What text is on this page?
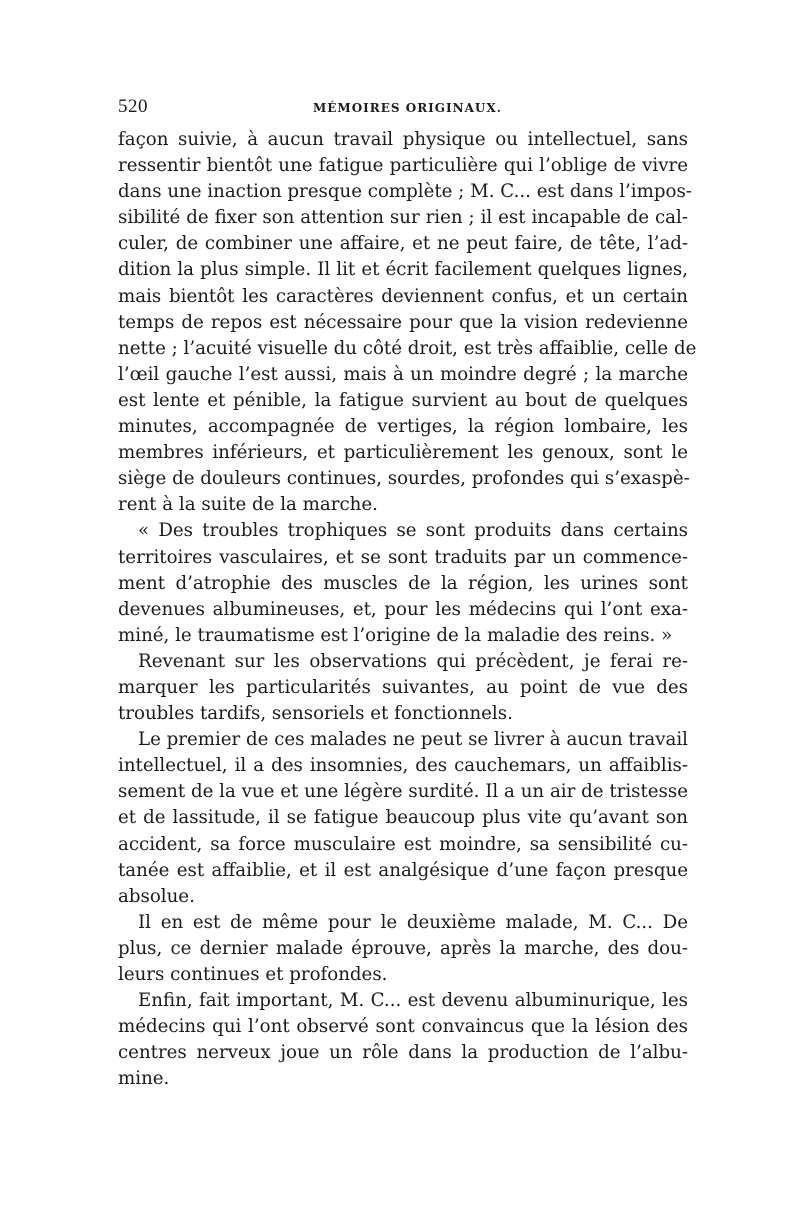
520	MÉMOIRES ORIGINAUX.
façon suivie, à aucun travail physique ou intellectuel, sans
ressentir bientôt une fatigue particulière qui l’oblige de vivre
dans une inaction presque complète ; M. C... est dans l’impos-
sibilité de fixer son attention sur rien ; il est incapable de cal-
culer, de combiner une affaire, et ne peut faire, de tête, l’ad-
dition la plus simple. Il lit et écrit facilement quelques lignes,
mais bientôt les caractères deviennent confus, et un certain
temps de repos est nécessaire pour que la vision redevienne
nette ; l’acuité visuelle du côté droit, est très affaiblie, celle de
l’œil gauche l’est aussi, mais à un moindre degré ; la marche
est lente et pénible, la fatigue survient au bout de quelques
minutes, accompagnée de vertiges, la région lombaire, les
membres inférieurs, et particulièrement les genoux, sont le
siège de douleurs continues, sourdes, profondes qui s’exaspè-
rent à la suite de la marche.
« Des troubles trophiques se sont produits dans certains
territoires vasculaires, et se sont traduits par un commence-
ment d’atrophie des muscles de la région, les urines sont
devenues albumineuses, et, pour les médecins qui l’ont exa-
miné, le traumatisme est l’origine de la maladie des reins. »
Revenant sur les observations qui précèdent, je ferai re-
marquer les particularités suivantes, au point de vue des
troubles tardifs, sensoriels et fonctionnels.
Le premier de ces malades ne peut se livrer à aucun travail
intellectuel, il a des insomnies, des cauchemars, un affaiblis-
sement de la vue et une légère surdité. Il a un air de tristesse
et de lassitude, il se fatigue beaucoup plus vite qu’avant son
accident, sa force musculaire est moindre, sa sensibilité cu-
tanée est affaiblie, et il est analgésique d’une façon presque
absolue.
Il en est de même pour le deuxième malade, M. C... De
plus, ce dernier malade éprouve, après la marche, des dou-
leurs continues et profondes.
Enfin, fait important, M. C... est devenu albuminurique, les
médecins qui l’ont observé sont convaincus que la lésion des
centres nerveux joue un rôle dans la production de l’albu-
mine.
